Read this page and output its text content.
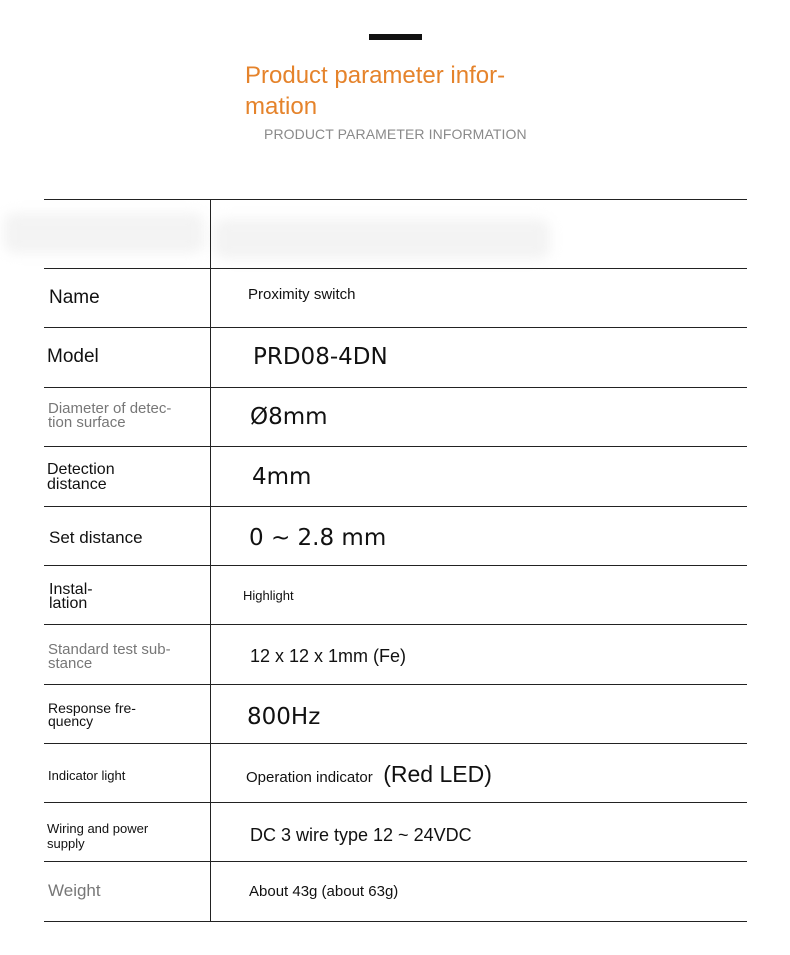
Product parameter infor-
mation
PRODUCT PARAMETER INFORMATION
Name	Proximity switch
Model	PRD08-4DN
Diameter of detec-
tion surface	Ø8mm
Detection
distance	4mm
Set distance	0 ~ 2.8 mm
Instal-
lation	Highlight
Standard test sub-
stance	12 x 12 x 1mm (Fe)
Response fre-
quency	800Hz
Indicator light	Operation indicator (Red LED)
Wiring and power
supply	DC 3 wire type 12 ~ 24VDC
Weight	About 43g (about 63g)
